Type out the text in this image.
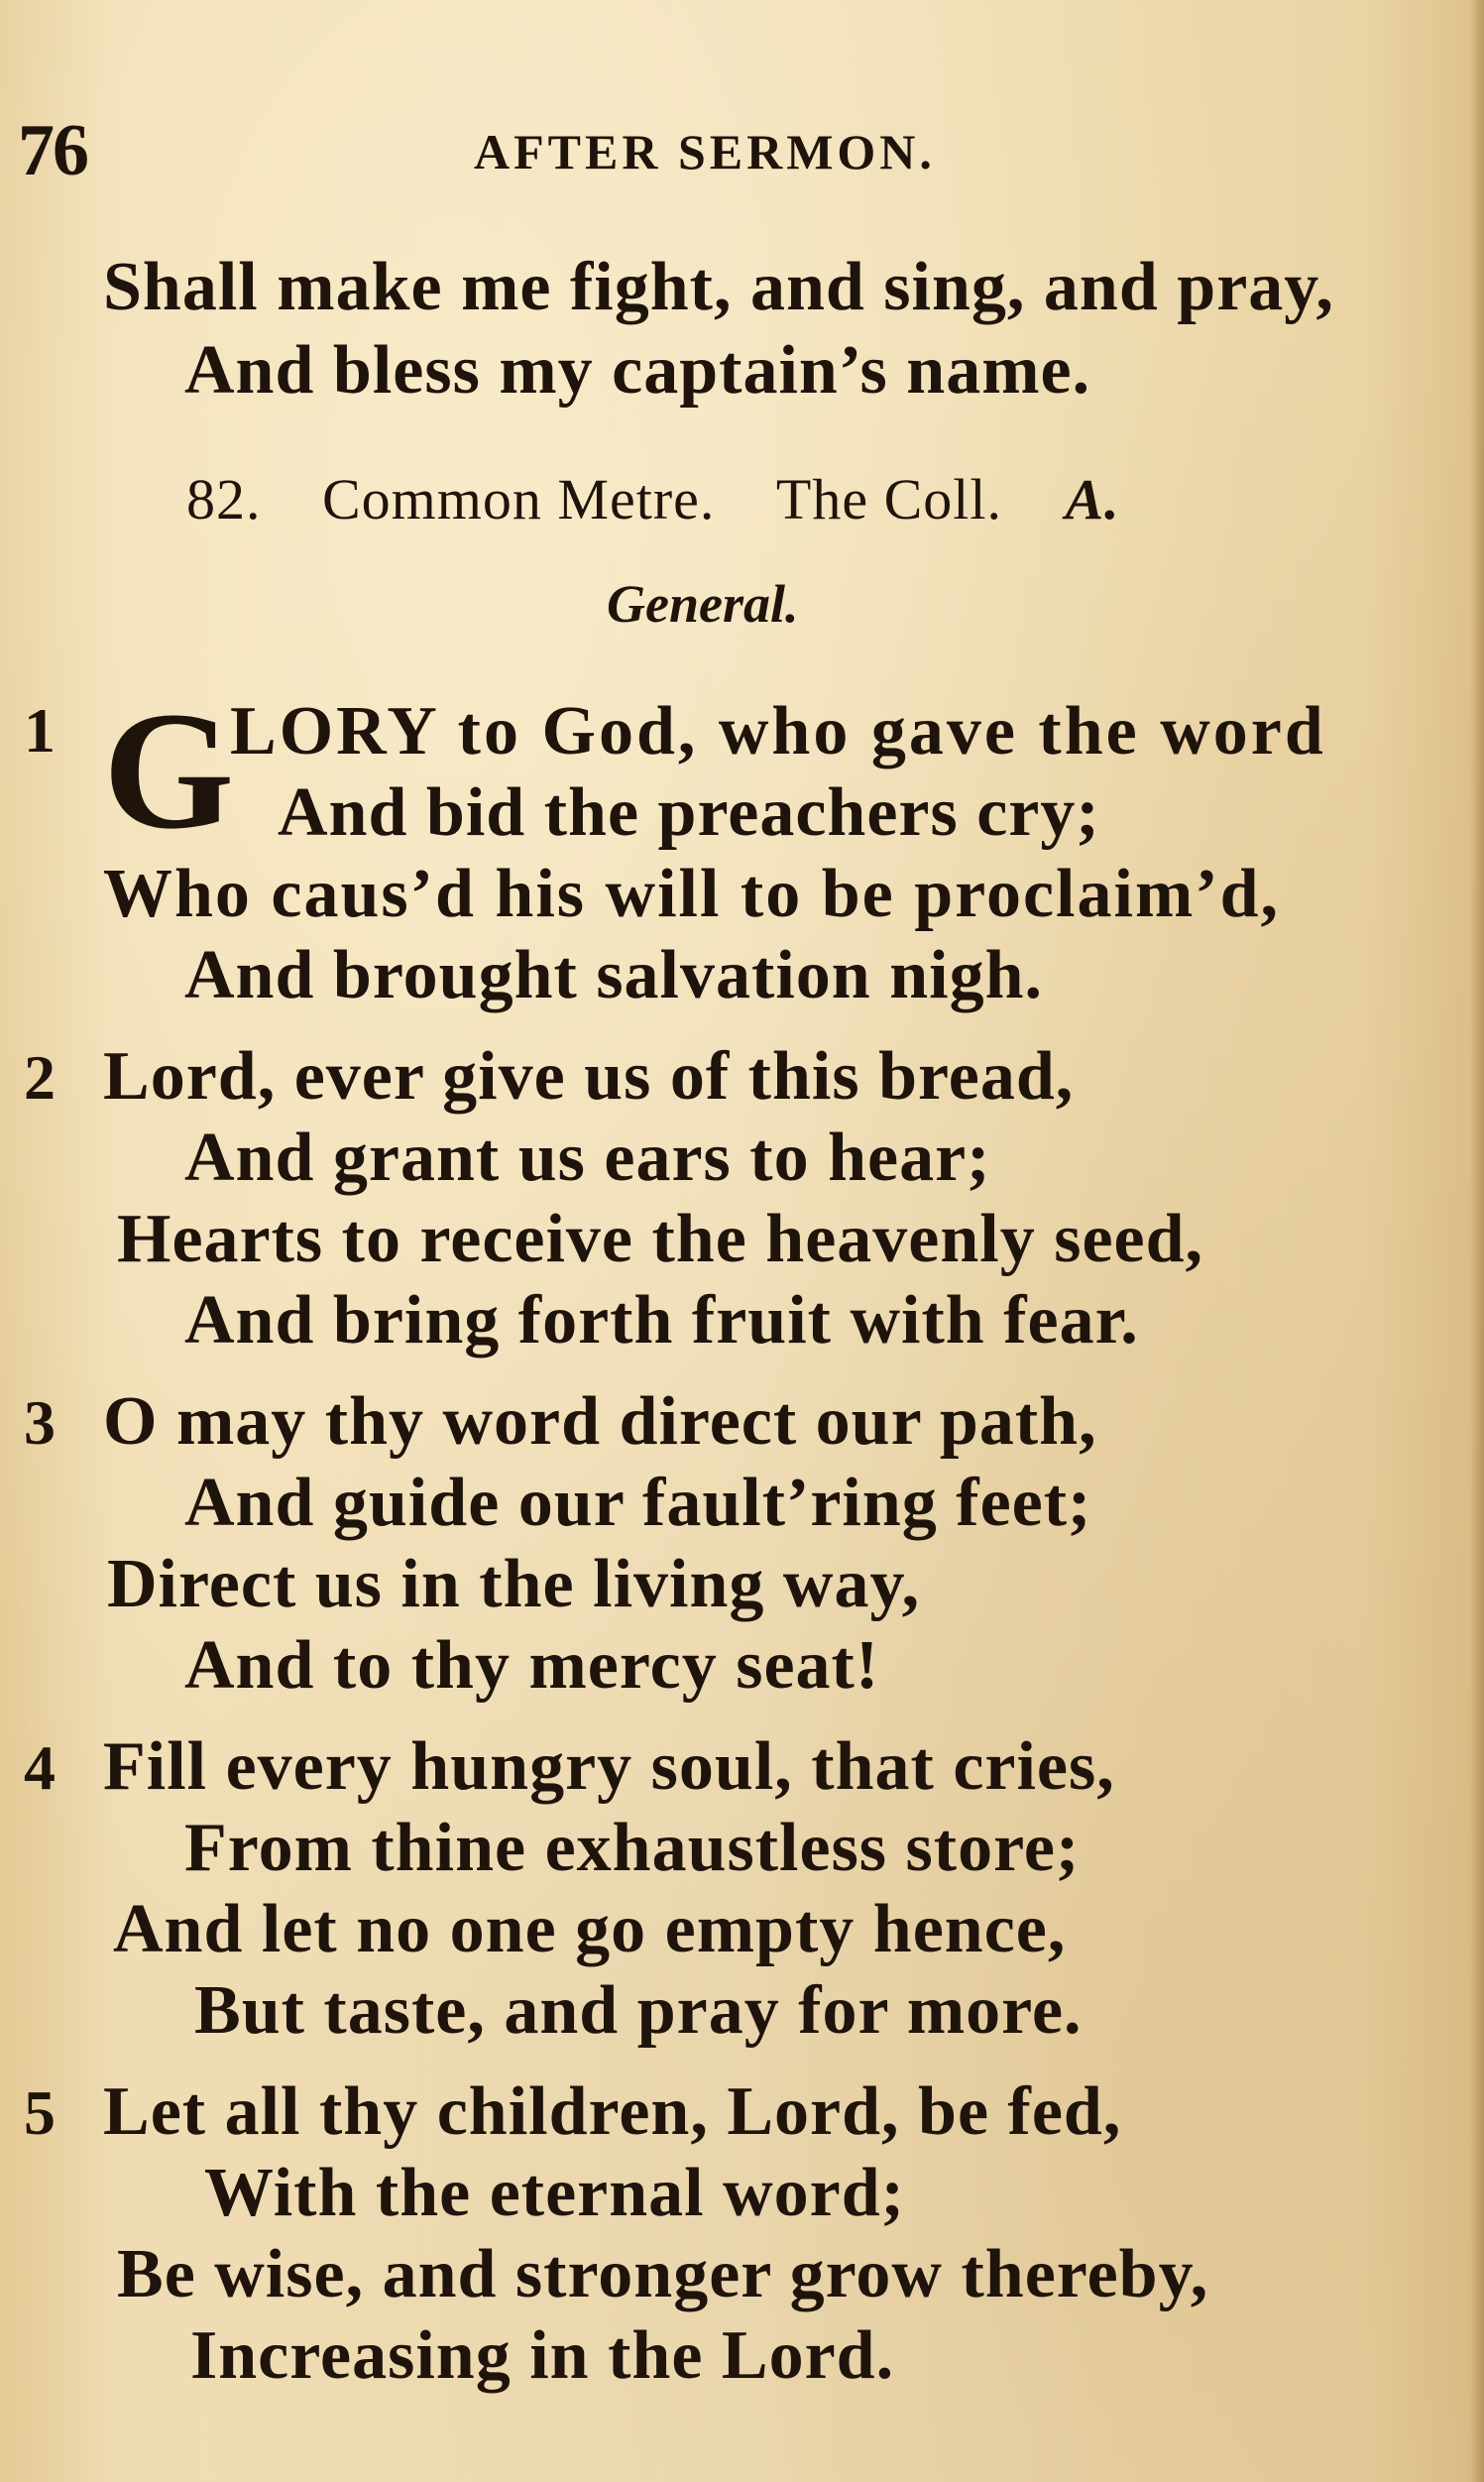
76	AFTER SERMON.
Shall make me fight, and sing, and pray,
And bless my captain’s name.
82. Common Metre. The Coll. A.
General.
1 G
LORY to God, who gave the word
And bid the preachers cry;
Who caus’d his will to be proclaim’d,
And brought salvation nigh.
2 Lord, ever give us of this bread,
And grant us ears to hear;
Hearts to receive the heavenly seed,
And bring forth fruit with fear.
3 O may thy word direct our path,
And guide our fault’ring feet;
Direct us in the living way,
And to thy mercy seat!
4 Fill every hungry soul, that cries,
From thine exhaustless store;
And let no one go empty hence,
But taste, and pray for more.
5 Let all thy children, Lord, be fed,
With the eternal word;
Be wise, and stronger grow thereby,
Increasing in the Lord.
